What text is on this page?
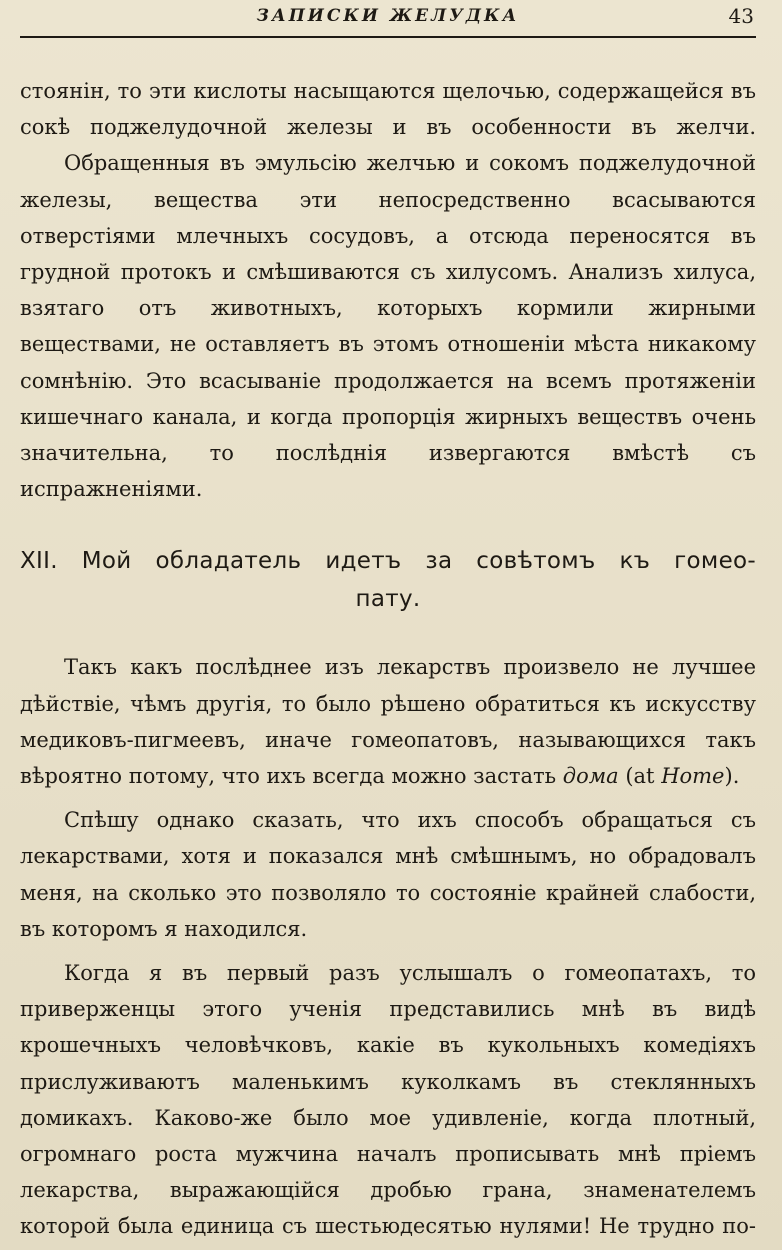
ЗАПИСКИ ЖЕЛУДКА	43

стоянін, то эти кислоты насыщаются щелочью, содержащейся въ сокѣ поджелудочной железы и въ особенности въ желчи.

Обращенныя въ эмульсію желчью и сокомъ поджелудочной железы, вещества эти непосредственно всасываются отверстіями млечныхъ сосудовъ, а отсюда переносятся въ грудной протокъ и смѣшиваются съ хилусомъ. Анализъ хилуса, взятаго отъ животныхъ, которыхъ кормили жирными веществами, не оставляетъ въ этомъ отношеніи мѣста никакому сомнѣнію. Это всасываніе продолжается на всемъ протяженіи кишечнаго канала, и когда пропорція жирныхъ веществъ очень значительна, то послѣднія извергаются вмѣстѣ съ испражненіями.

XII. Мой обладатель идетъ за совѣтомъ къ гомео-
пату.

Такъ какъ послѣднее изъ лекарствъ произвело не лучшее дѣйствіе, чѣмъ другія, то было рѣшено обратиться къ искусству медиковъ-пигмеевъ, иначе гомеопатовъ, называющихся такъ вѣроятно потому, что ихъ всегда можно застать дома (at Home).

Спѣшу однако сказать, что ихъ способъ обращаться съ лекарствами, хотя и показался мнѣ смѣшнымъ, но обрадовалъ меня, на сколько это позволяло то состояніе крайней слабости, въ которомъ я находился.

Когда я въ первый разъ услышалъ о гомеопатахъ, то приверженцы этого ученія представились мнѣ въ видѣ крошечныхъ человѣчковъ, какіе въ кукольныхъ комедіяхъ прислуживаютъ маленькимъ куколкамъ въ стеклянныхъ домикахъ. Каково-же было мое удивленіе, когда плотный, огромнаго роста мужчина началъ прописывать мнѣ пріемъ лекарства, выражающійся дробью грана, знаменателемъ которой была единица съ шестьюдесятью нулями! Не трудно по-
